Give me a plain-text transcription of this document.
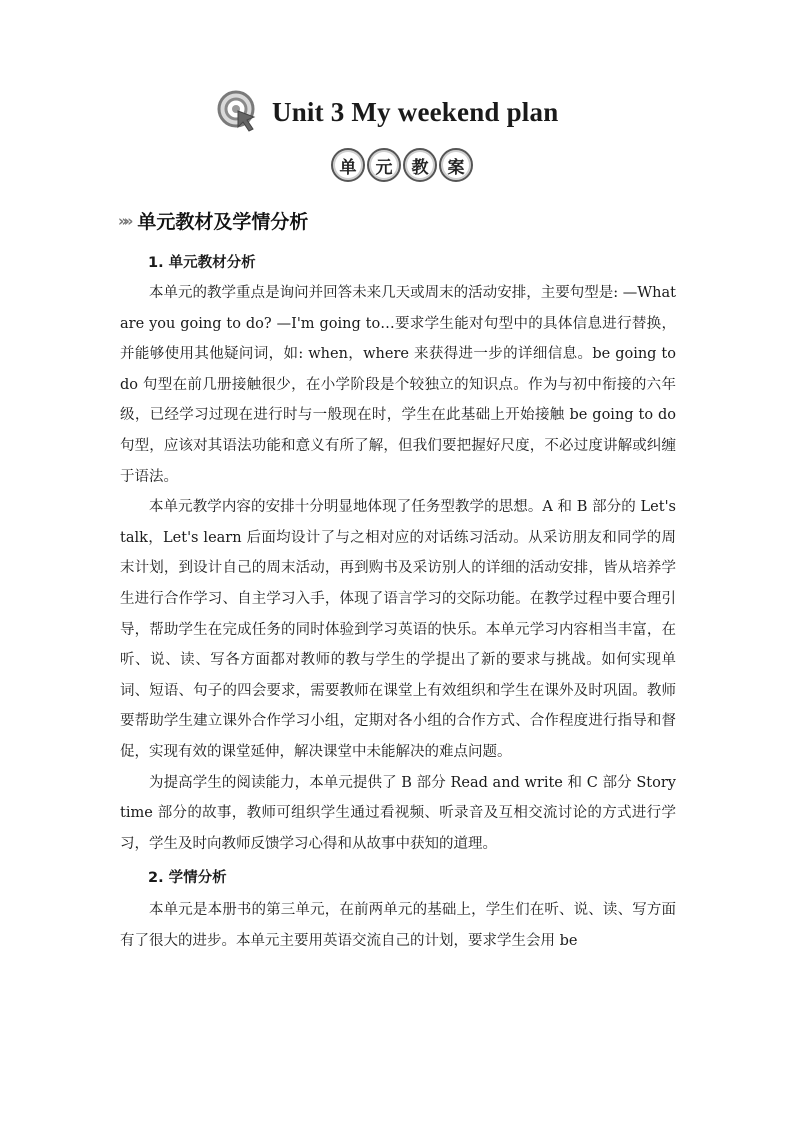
Unit 3 My weekend plan
单	元	教	案
»» 单元教材及学情分析
1. 单元教材分析

本单元的教学重点是询问并回答未来几天或周末的活动安排，主要句型是: —What are you going to do? —I'm going to…要求学生能对句型中的具体信息进行替换，并能够使用其他疑问词，如: when，where 来获得进一步的详细信息。be going to do 句型在前几册接触很少，在小学阶段是个较独立的知识点。作为与初中衔接的六年级，已经学习过现在进行时与一般现在时，学生在此基础上开始接触 be going to do 句型，应该对其语法功能和意义有所了解，但我们要把握好尺度，不必过度讲解或纠缠于语法。

本单元教学内容的安排十分明显地体现了任务型教学的思想。A 和 B 部分的 Let's talk，Let's learn 后面均设计了与之相对应的对话练习活动。从采访朋友和同学的周末计划，到设计自己的周末活动，再到购书及采访别人的详细的活动安排，皆从培养学生进行合作学习、自主学习入手，体现了语言学习的交际功能。在教学过程中要合理引导，帮助学生在完成任务的同时体验到学习英语的快乐。本单元学习内容相当丰富，在听、说、读、写各方面都对教师的教与学生的学提出了新的要求与挑战。如何实现单词、短语、句子的四会要求，需要教师在课堂上有效组织和学生在课外及时巩固。教师要帮助学生建立课外合作学习小组，定期对各小组的合作方式、合作程度进行指导和督促，实现有效的课堂延伸，解决课堂中未能解决的难点问题。

为提高学生的阅读能力，本单元提供了 B 部分 Read and write 和 C 部分 Story time 部分的故事，教师可组织学生通过看视频、听录音及互相交流讨论的方式进行学习，学生及时向教师反馈学习心得和从故事中获知的道理。

2. 学情分析

本单元是本册书的第三单元，在前两单元的基础上，学生们在听、说、读、写方面有了很大的进步。本单元主要用英语交流自己的计划，要求学生会用 be
